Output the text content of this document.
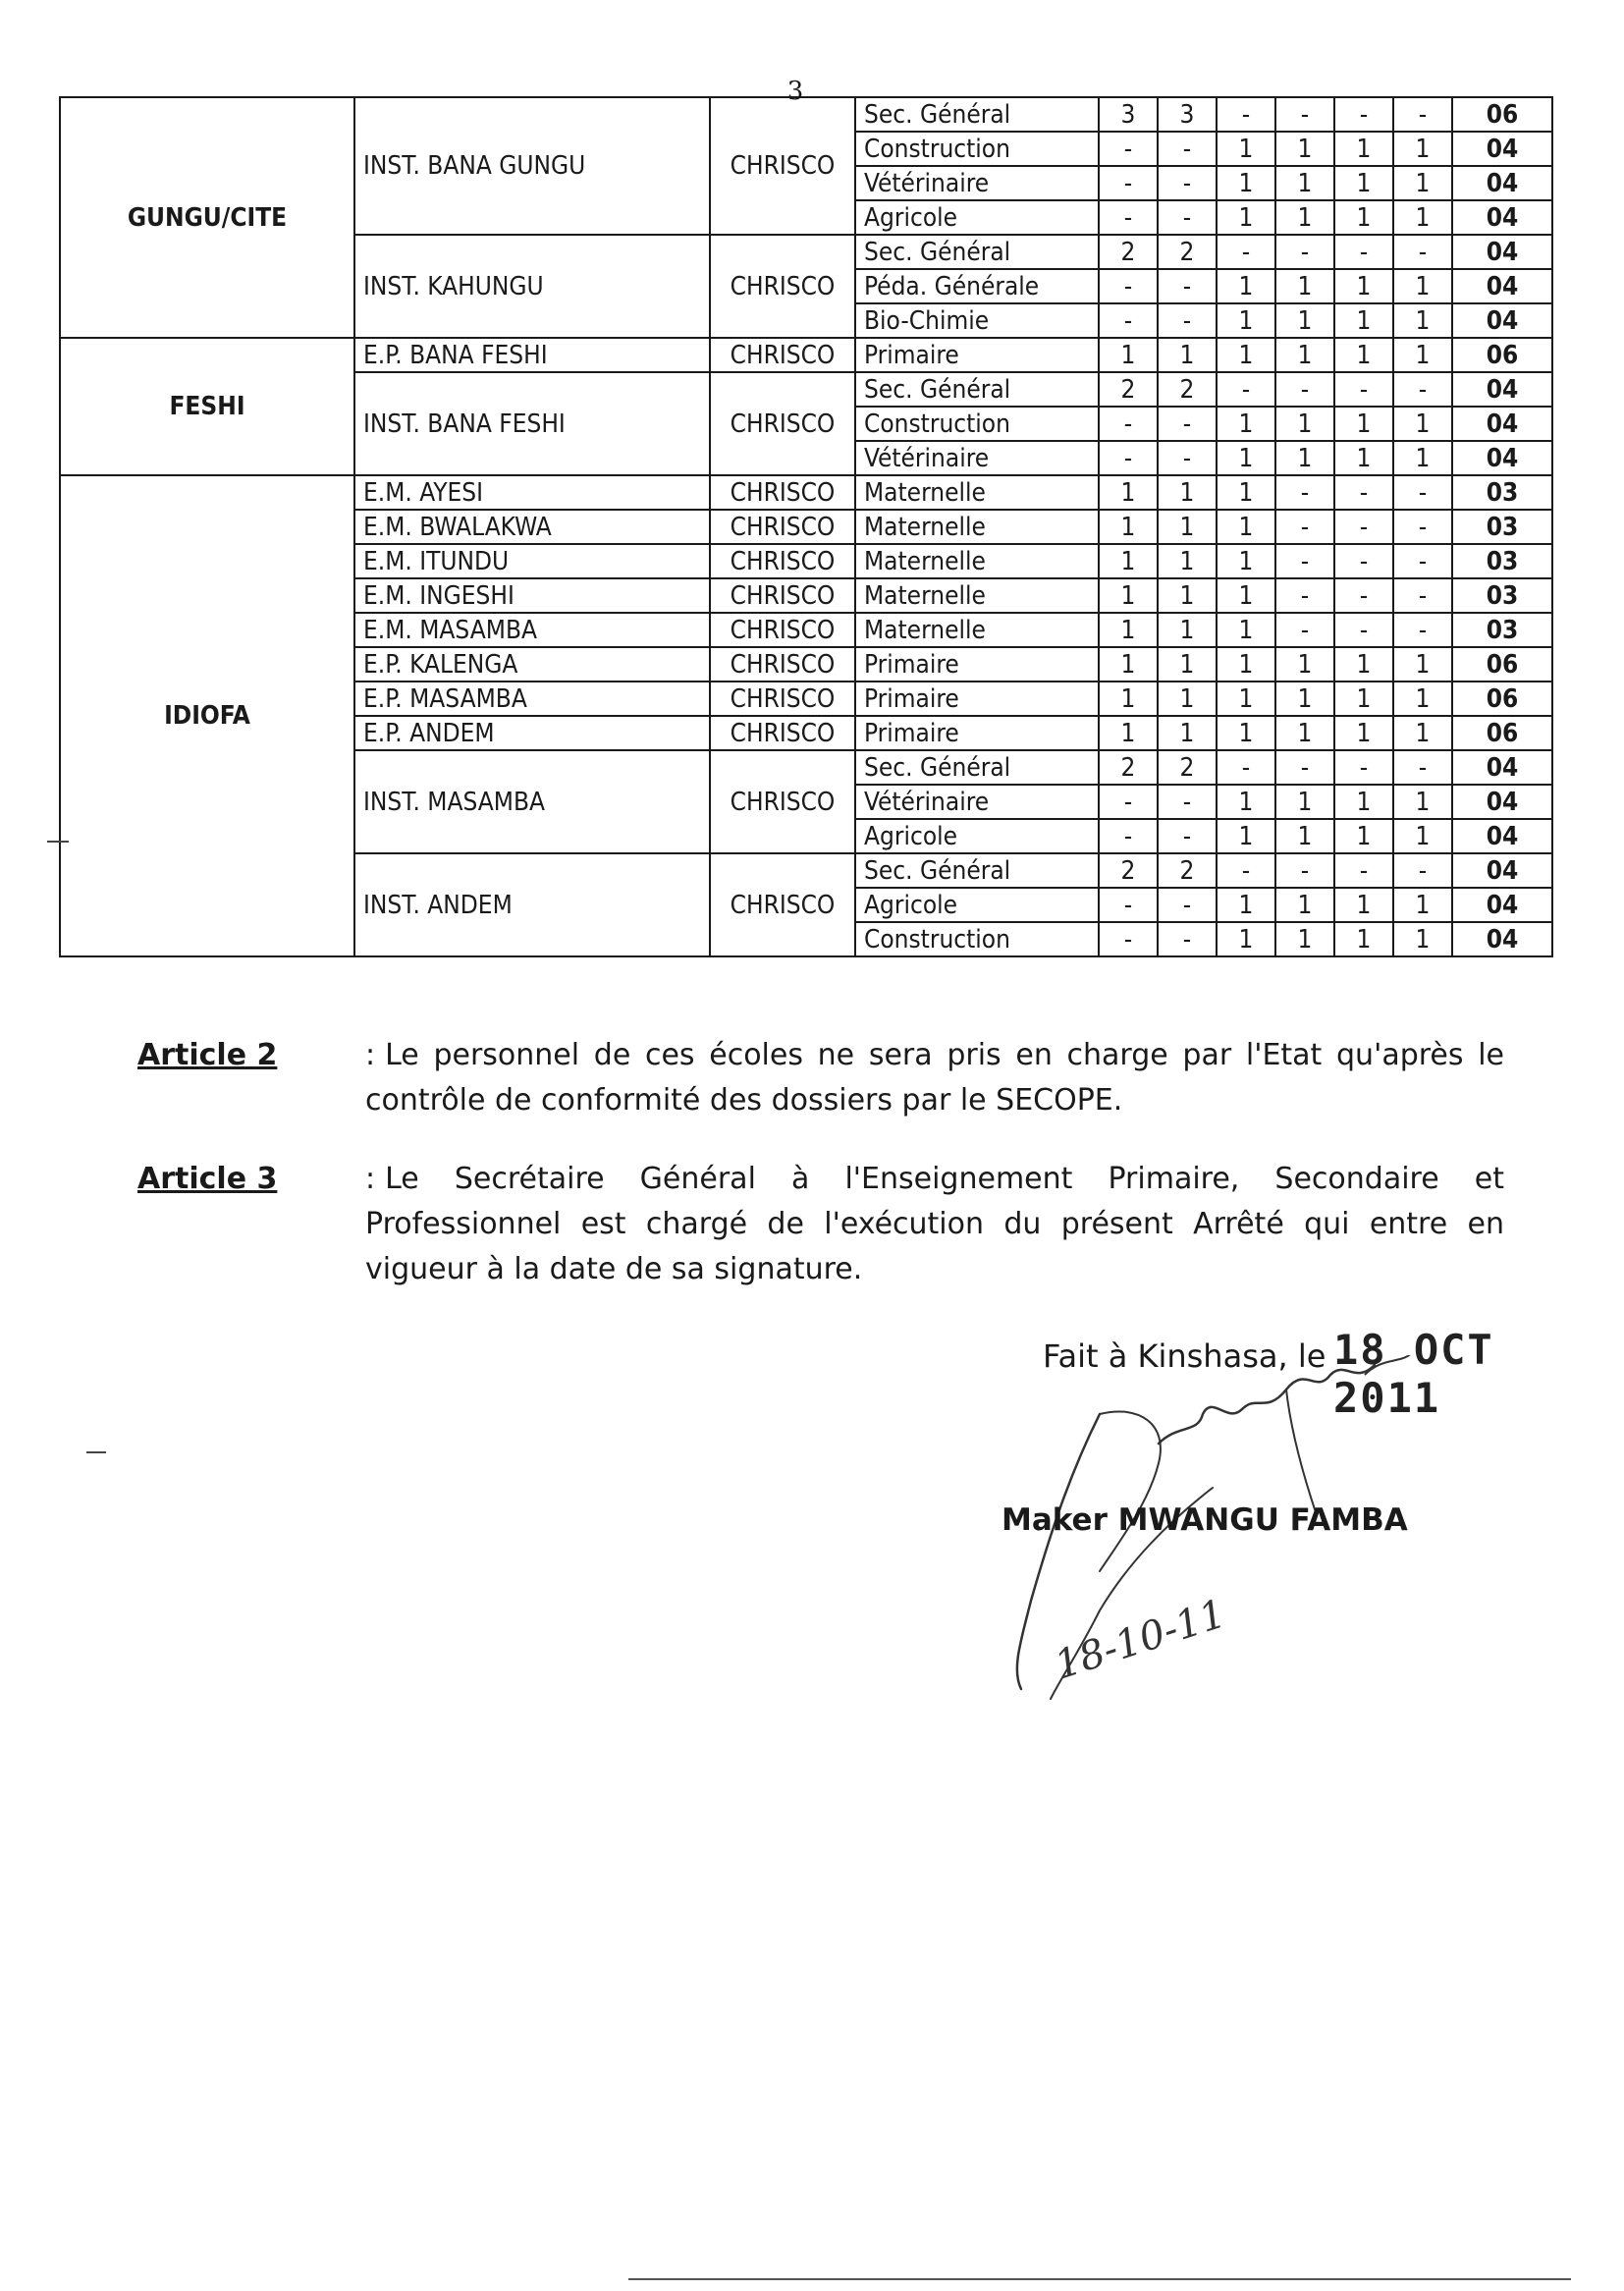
3
GUNGU/CITE	INST. BANA GUNGU	CHRISCO	Sec. Général	3	3	-	-	-	-	06
			Construction	-	-	1	1	1	1	04
			Vétérinaire	-	-	1	1	1	1	04
			Agricole	-	-	1	1	1	1	04
	INST. KAHUNGU	CHRISCO	Sec. Général	2	2	-	-	-	-	04
			Péda. Générale	-	-	1	1	1	1	04
			Bio-Chimie	-	-	1	1	1	1	04
FESHI	E.P. BANA FESHI	CHRISCO	Primaire	1	1	1	1	1	1	06
	INST. BANA FESHI	CHRISCO	Sec. Général	2	2	-	-	-	-	04
			Construction	-	-	1	1	1	1	04
			Vétérinaire	-	-	1	1	1	1	04
IDIOFA	E.M. AYESI	CHRISCO	Maternelle	1	1	1	-	-	-	03
	E.M. BWALAKWA	CHRISCO	Maternelle	1	1	1	-	-	-	03
	E.M. ITUNDU	CHRISCO	Maternelle	1	1	1	-	-	-	03
	E.M. INGESHI	CHRISCO	Maternelle	1	1	1	-	-	-	03
	E.M. MASAMBA	CHRISCO	Maternelle	1	1	1	-	-	-	03
	E.P. KALENGA	CHRISCO	Primaire	1	1	1	1	1	1	06
	E.P. MASAMBA	CHRISCO	Primaire	1	1	1	1	1	1	06
	E.P. ANDEM	CHRISCO	Primaire	1	1	1	1	1	1	06
	INST. MASAMBA	CHRISCO	Sec. Général	2	2	-	-	-	-	04
			Vétérinaire	-	-	1	1	1	1	04
			Agricole	-	-	1	1	1	1	04
	INST. ANDEM	CHRISCO	Sec. Général	2	2	-	-	-	-	04
			Agricole	-	-	1	1	1	1	04
			Construction	-	-	1	1	1	1	04
Article 2	: Le personnel de ces écoles ne sera pris en charge par l'Etat qu'après le contrôle de conformité des dossiers par le SECOPE.
Article 3	: Le Secrétaire Général à l'Enseignement Primaire, Secondaire et Professionnel est chargé de l'exécution du présent Arrêté qui entre en vigueur à la date de sa signature.
Fait à Kinshasa, le 18 OCT 2011
18-10-11
Maker MWANGU FAMBA
